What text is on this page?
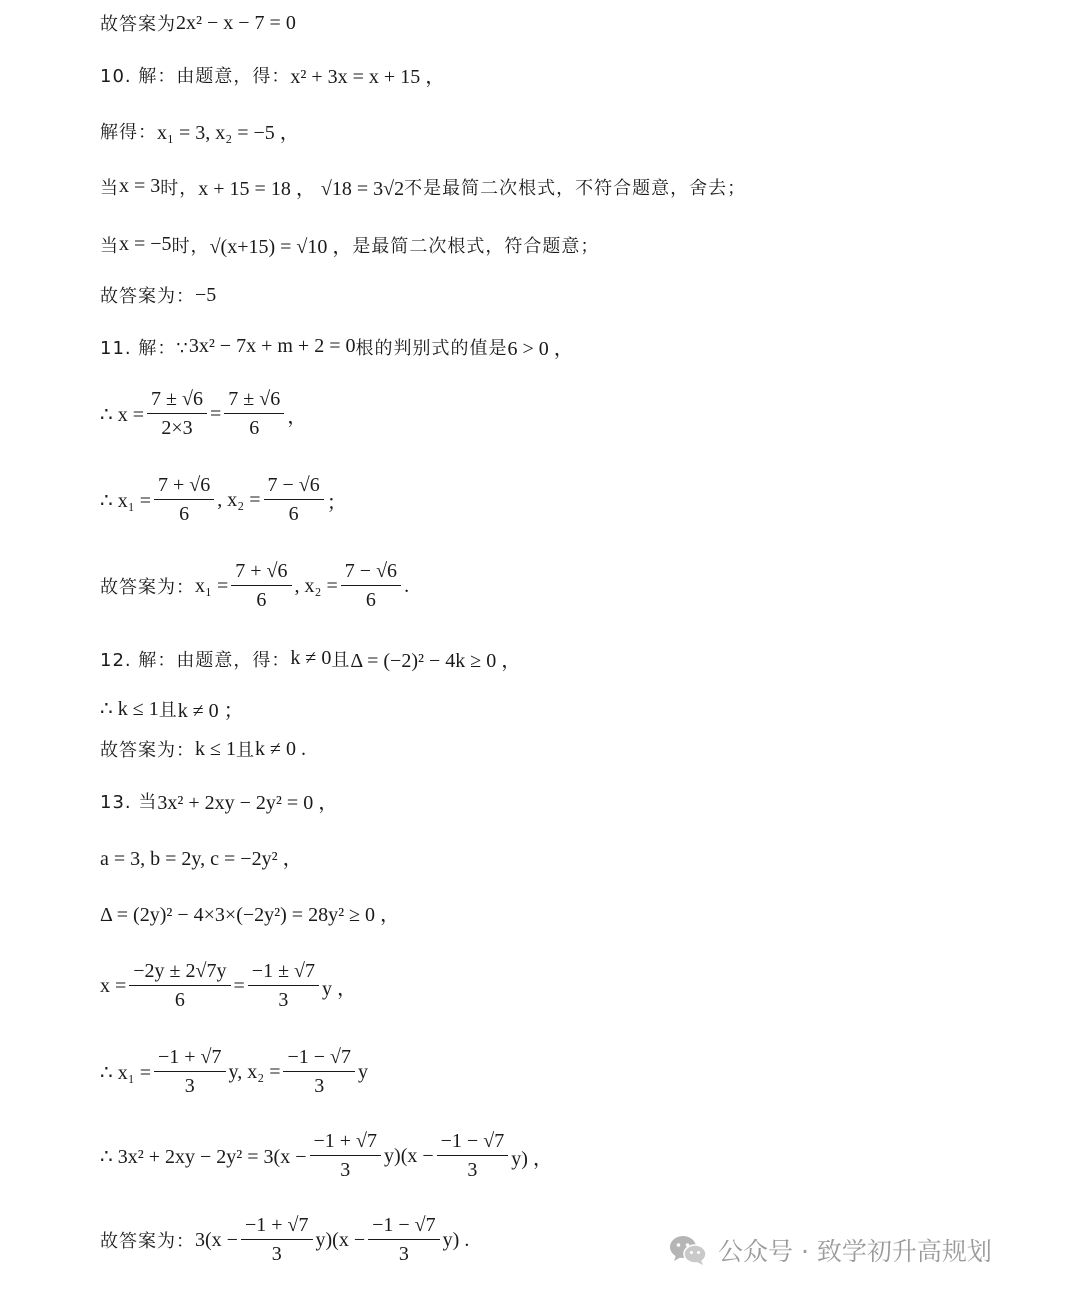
故答案为 2x² − x − 7 = 0
10. 解：由题意，得： x² + 3x = x + 15 ，
解得： x₁ = 3, x₂ = −5 ，
当 x = 3 时， x + 15 = 18 ， √18 = 3√2 不是最简二次根式，不符合题意，舍去；
当 x = −5 时， √(x+15) = √10 ， 是最简二次根式，符合题意；
故答案为： −5
11. 解：∵ 3x² − 7x + m + 2 = 0 根的判别式的值是 6 > 0 ，
∴ $x = \frac{7 \pm √6}{2\times 3} = \frac{7 \pm √6}{6}$ ，
∴ $x_1 = \frac{7 + √6}{6}$ , $x_2 = \frac{7 - √6}{6}$ ；
故答案为： $x_1 = \frac{7 + √6}{6}$ , $x_2 = \frac{7 - √6}{6}$ .
12. 解：由题意，得： k ≠ 0 且 Δ = (−2)² − 4k ≥ 0 ，
∴ k ≤ 1 且 k ≠ 0 ；
故答案为： k ≤ 1 且 k ≠ 0 .
13. 当 3x² + 2xy − 2y² = 0 ，
a = 3, b = 2y, c = −2y² ，
Δ = (2y)² − 4×3×(−2y²) = 28y² ≥ 0 ，
$x = \frac{-2y \pm 2√7y}{6} = \frac{-1 \pm √7}{3}$ y ，
∴ $x_1 = \frac{-1 + √7}{3} y$, $x_2 = \frac{-1 - √7}{3}$ y
∴ $3x^2 + 2xy - 2y^2 = 3(x - \frac{-1 + √7}{3} y)(x - \frac{-1 - √7}{3} y)$ ，
故答案为： $3(x - \frac{-1 + √7}{3} y)(x - \frac{-1 - √7}{3} y)$ .	公众号 · 致学初升高规划
